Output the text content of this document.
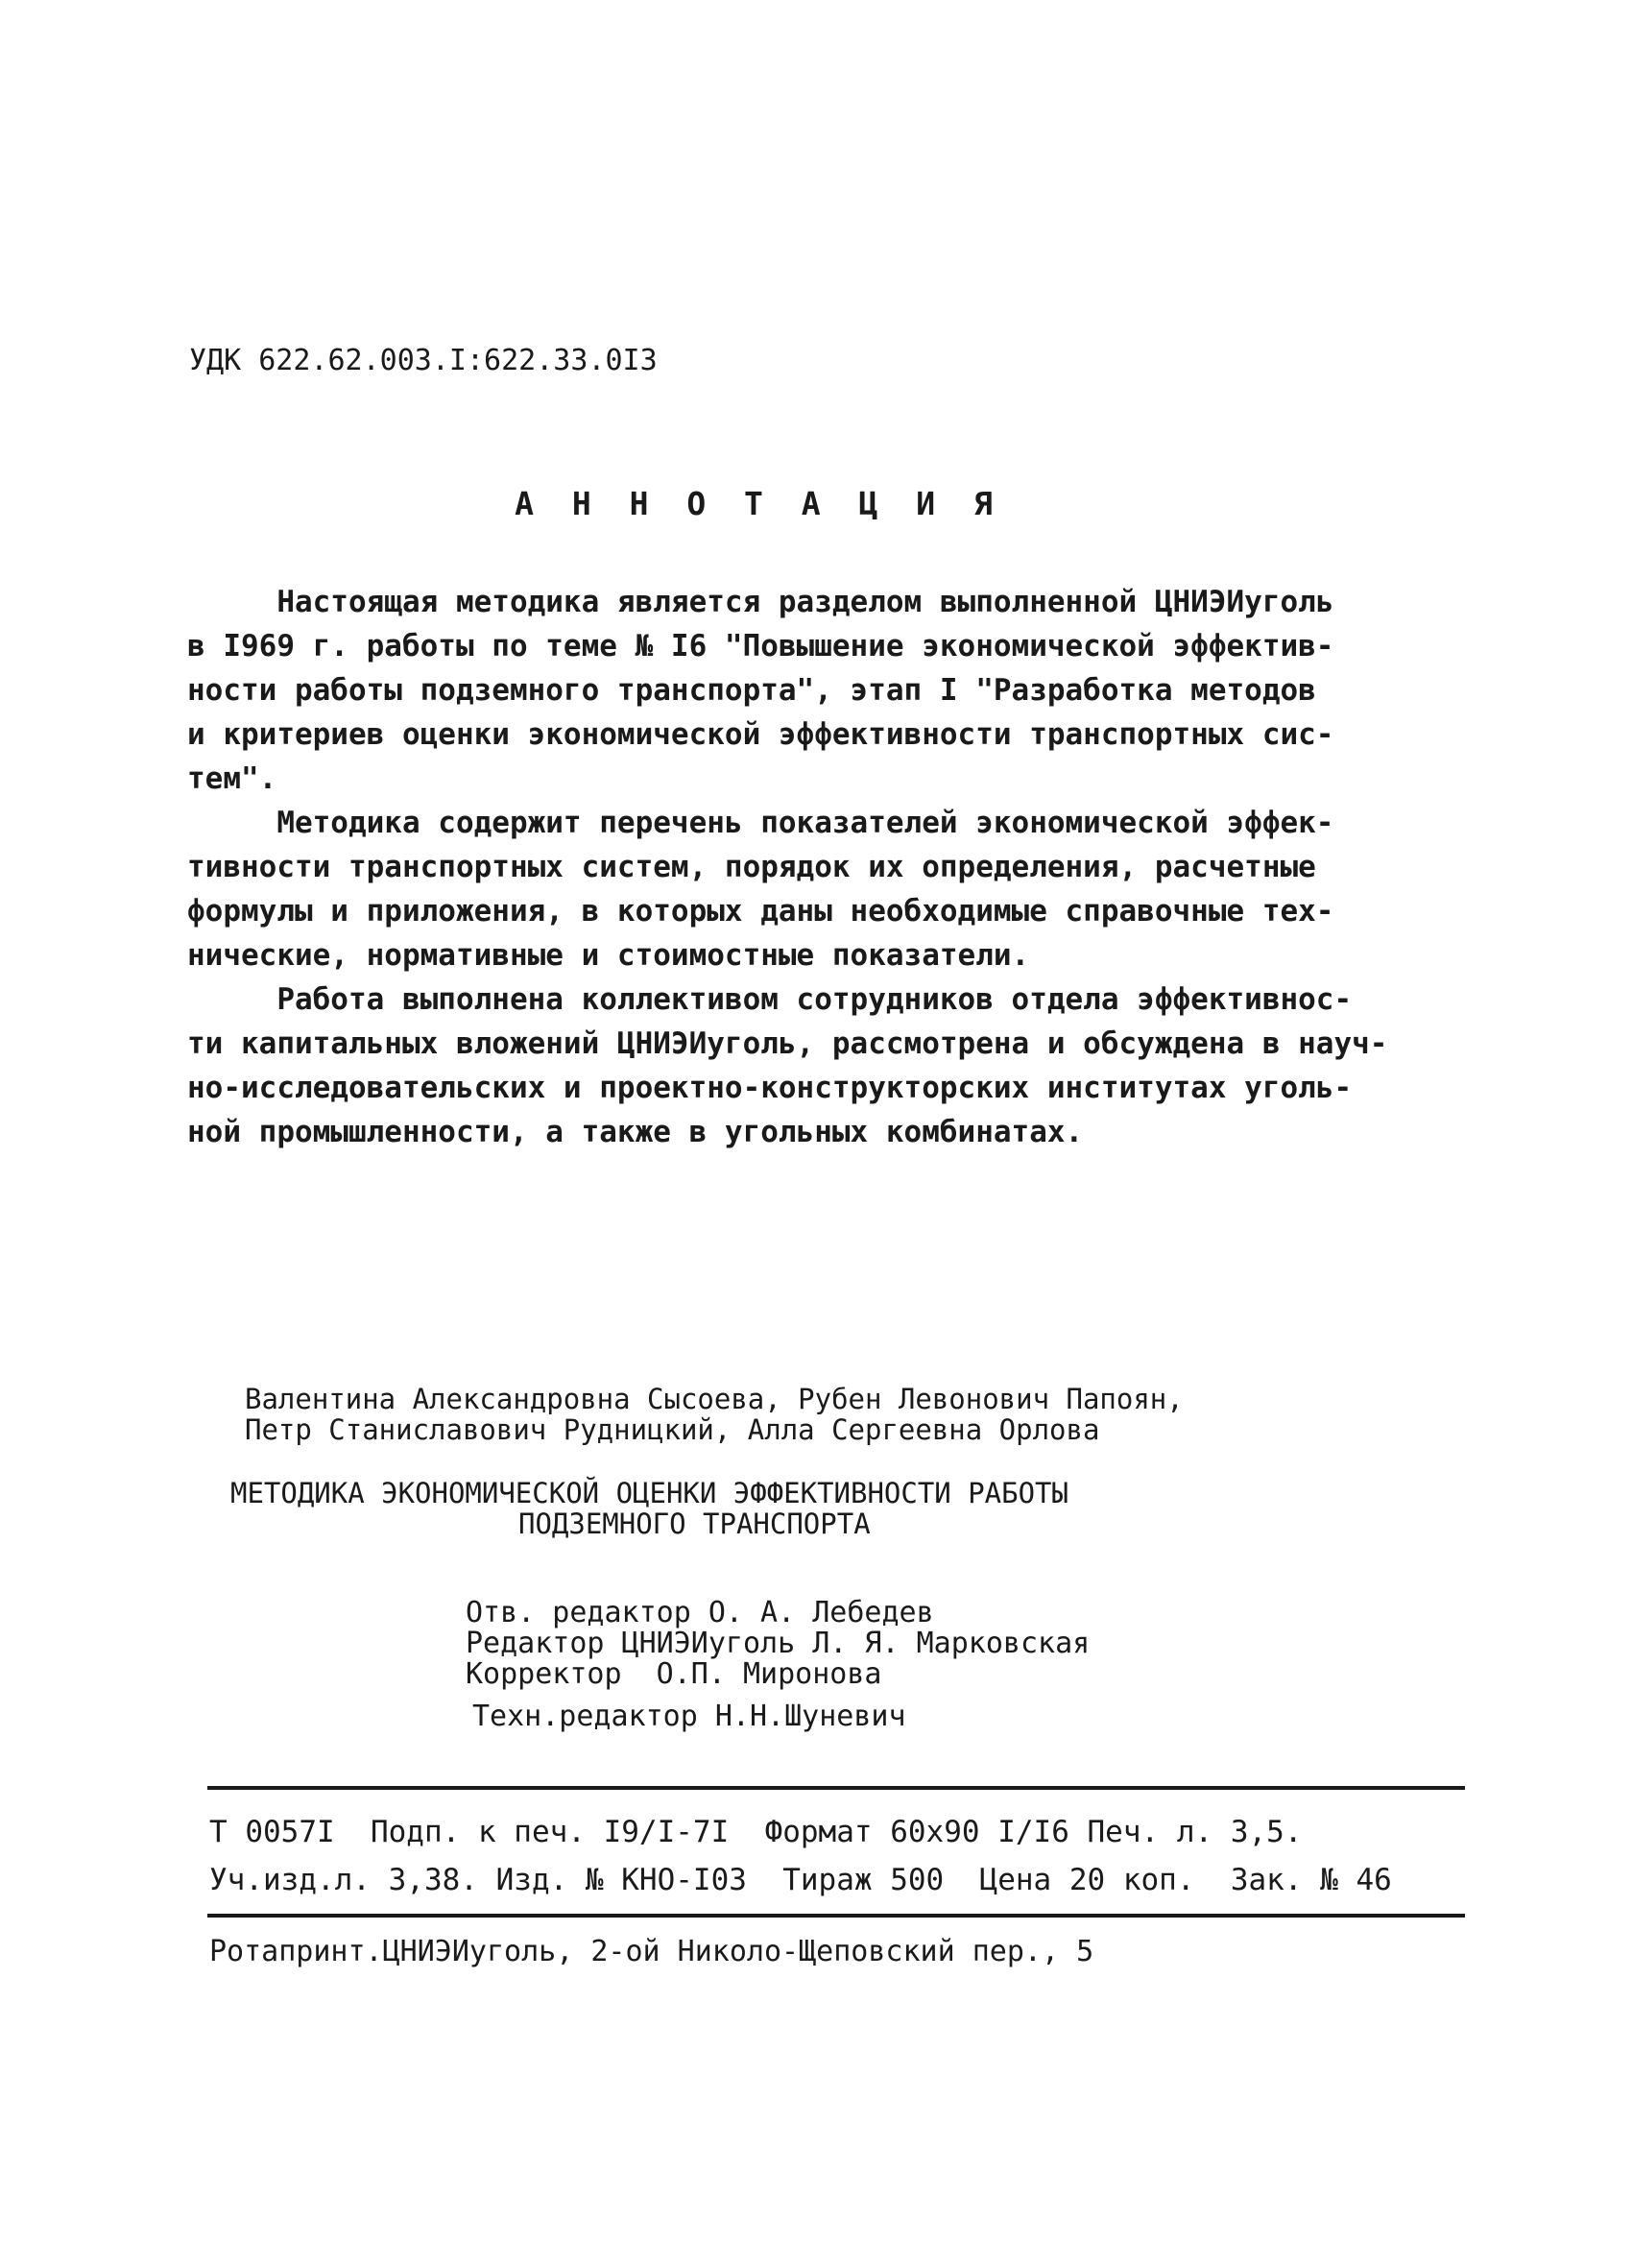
УДК 622.62.003.I:622.33.0I3

А Н Н О Т А Ц И Я

Настоящая методика является разделом выполненной ЦНИЭИуголь

в I969 г. работы по теме № I6 "Повышение экономической эффектив-

ности работы подземного транспорта", этап I "Разработка методов

и критериев оценки экономической эффективности транспортных сис-

тем".

Методика содержит перечень показателей экономической эффек-

тивности транспортных систем, порядок их определения, расчетные

формулы и приложения, в которых даны необходимые справочные тех-

нические, нормативные и стоимостные показатели.

Работа выполнена коллективом сотрудников отдела эффективнос-

ти капитальных вложений ЦНИЭИуголь, рассмотрена и обсуждена в науч-

но-исследовательских и проектно-конструкторских институтах уголь-

ной промышленности, а также в угольных комбинатах.

Валентина Александровна Сысоева, Рубен Левонович Папоян,

Петр Станиславович Рудницкий, Алла Сергеевна Орлова

МЕТОДИКА ЭКОНОМИЧЕСКОЙ ОЦЕНКИ ЭФФЕКТИВНОСТИ РАБОТЫ

ПОДЗЕМНОГО ТРАНСПОРТА

Отв. редактор О. А. Лебедев

Редактор ЦНИЭИуголь Л. Я. Марковская

Корректор  О.П. Миронова

Техн.редактор Н.Н.Шуневич

Т 0057I  Подп. к печ. I9/I-7I  Формат 60x90 I/I6 Печ. л. 3,5.

Уч.изд.л. 3,38. Изд. № КНО-I03  Тираж 500  Цена 20 коп.  Зак. № 46

Ротапринт.ЦНИЭИуголь, 2-ой Николо-Щеповский пер., 5
